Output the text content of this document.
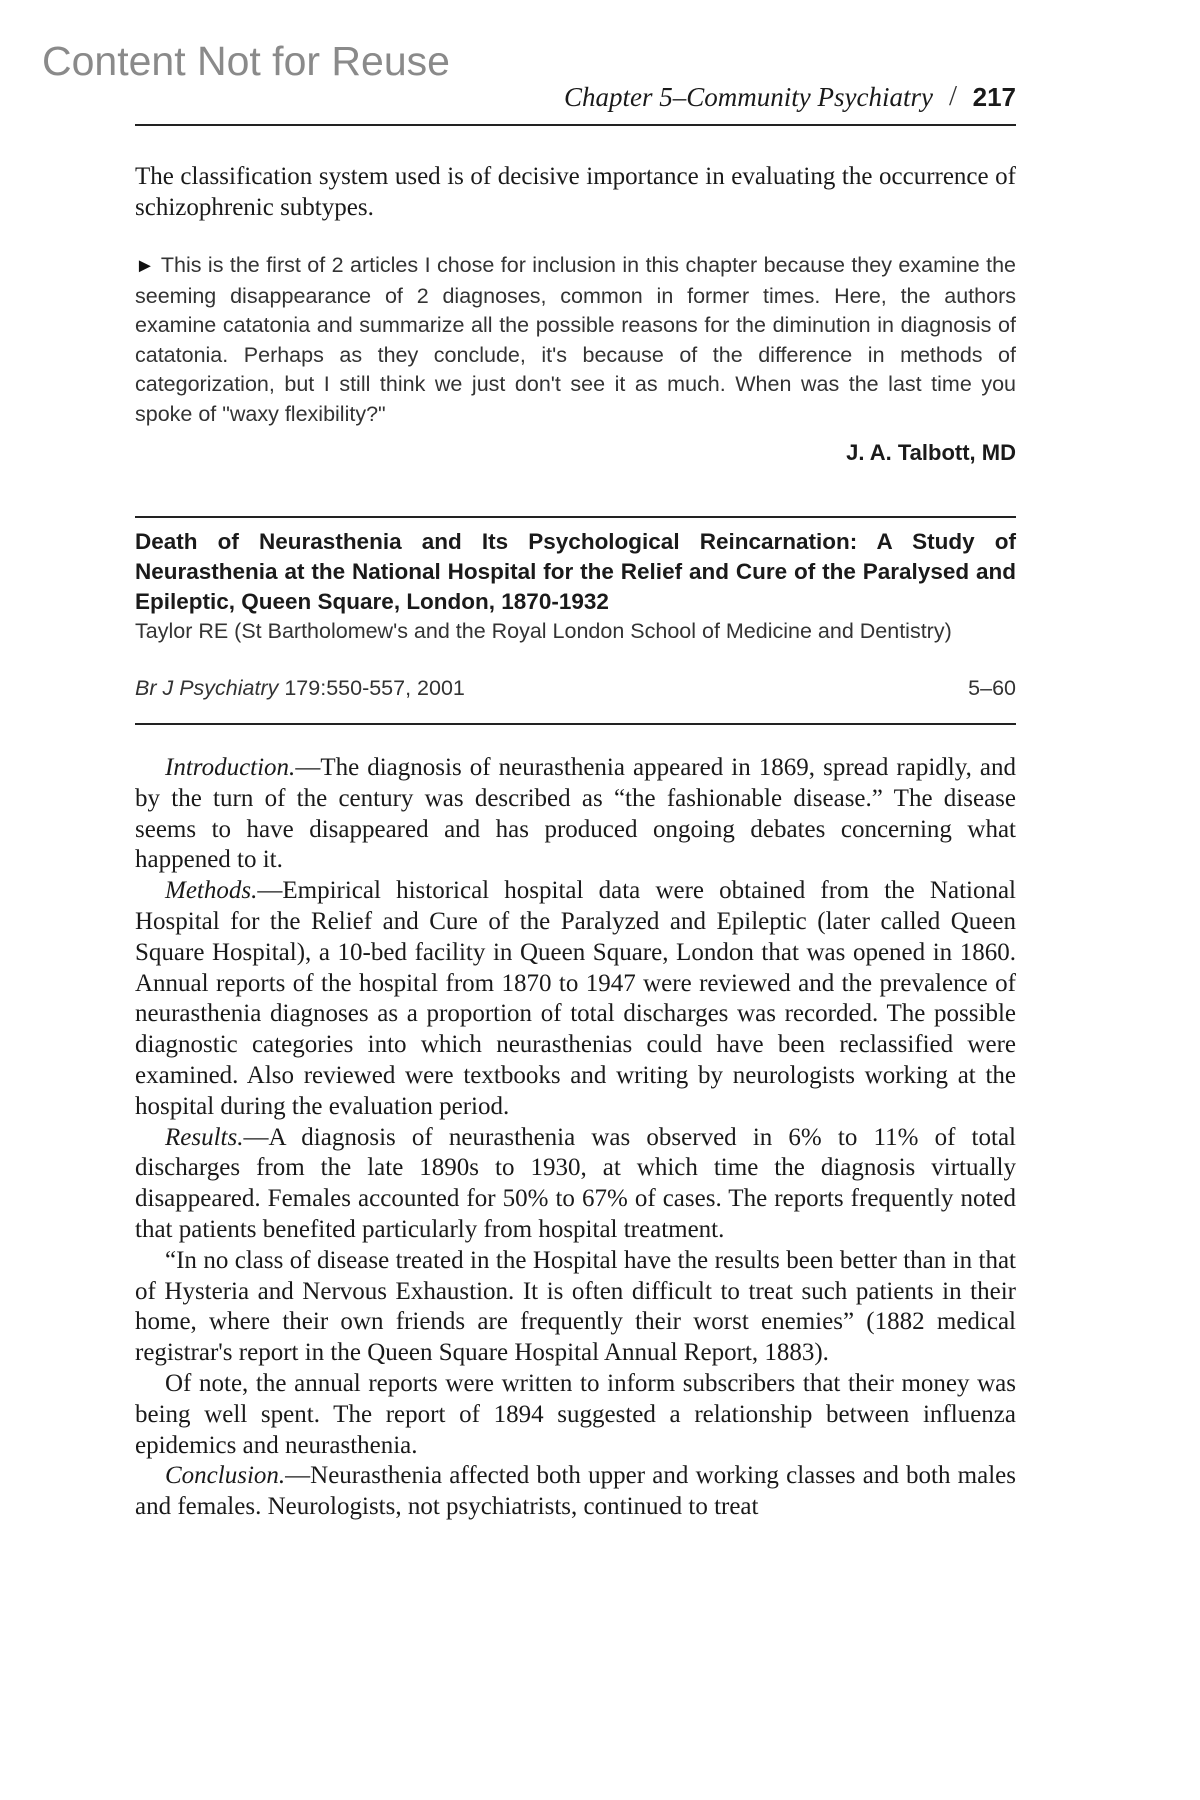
Content Not for Reuse
Chapter 5–Community Psychiatry / 217

The classification system used is of decisive importance in evaluating the occurrence of schizophrenic subtypes.

► This is the first of 2 articles I chose for inclusion in this chapter because they examine the seeming disappearance of 2 diagnoses, common in former times. Here, the authors examine catatonia and summarize all the possible reasons for the diminution in diagnosis of catatonia. Perhaps as they conclude, it's because of the difference in methods of categorization, but I still think we just don't see it as much. When was the last time you spoke of "waxy flexibility?"

J. A. Talbott, MD

Death of Neurasthenia and Its Psychological Reincarnation: A Study of Neurasthenia at the National Hospital for the Relief and Cure of the Paralysed and Epileptic, Queen Square, London, 1870-1932

Taylor RE (St Bartholomew's and the Royal London School of Medicine and Dentistry)

Br J Psychiatry 179:550-557, 2001	5–60

Introduction.—The diagnosis of neurasthenia appeared in 1869, spread rapidly, and by the turn of the century was described as “the fashionable disease.” The disease seems to have disappeared and has produced ongoing debates concerning what happened to it.

Methods.—Empirical historical hospital data were obtained from the National Hospital for the Relief and Cure of the Paralyzed and Epileptic (later called Queen Square Hospital), a 10-bed facility in Queen Square, London that was opened in 1860. Annual reports of the hospital from 1870 to 1947 were reviewed and the prevalence of neurasthenia diagnoses as a proportion of total discharges was recorded. The possible diagnostic categories into which neurasthenias could have been reclassified were examined. Also reviewed were textbooks and writing by neurologists working at the hospital during the evaluation period.

Results.—A diagnosis of neurasthenia was observed in 6% to 11% of total discharges from the late 1890s to 1930, at which time the diagnosis virtually disappeared. Females accounted for 50% to 67% of cases. The reports frequently noted that patients benefited particularly from hospital treatment.

“In no class of disease treated in the Hospital have the results been better than in that of Hysteria and Nervous Exhaustion. It is often difficult to treat such patients in their home, where their own friends are frequently their worst enemies” (1882 medical registrar's report in the Queen Square Hospital Annual Report, 1883).

Of note, the annual reports were written to inform subscribers that their money was being well spent. The report of 1894 suggested a relationship between influenza epidemics and neurasthenia.

Conclusion.—Neurasthenia affected both upper and working classes and both males and females. Neurologists, not psychiatrists, continued to treat
